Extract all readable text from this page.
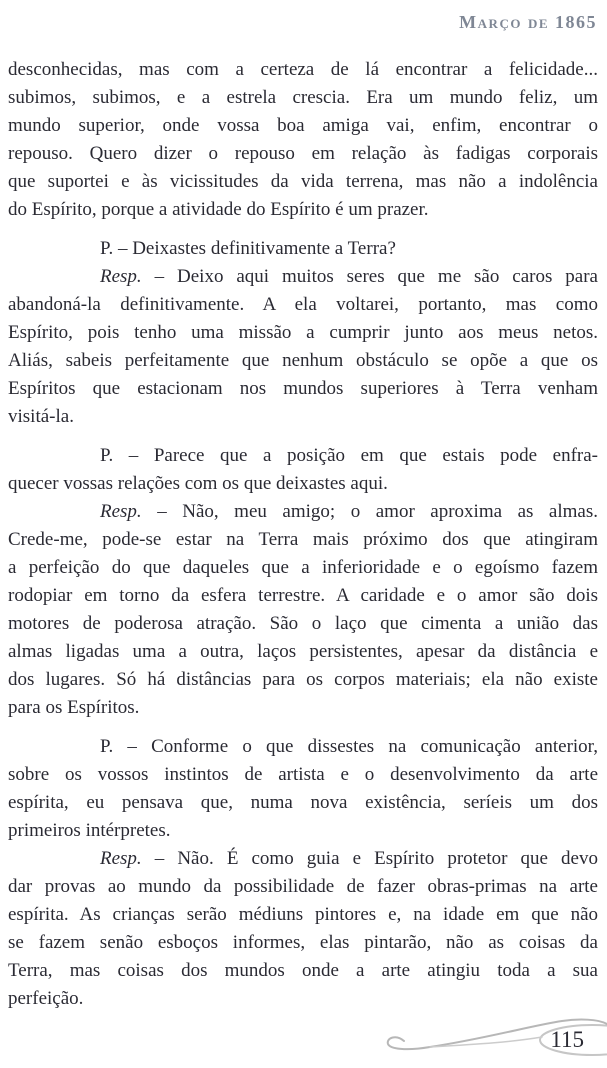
Março de 1865
desconhecidas, mas com a certeza de lá encontrar a felicidade...
subimos, subimos, e a estrela crescia. Era um mundo feliz, um
mundo superior, onde vossa boa amiga vai, enfim, encontrar o
repouso. Quero dizer o repouso em relação às fadigas corporais
que suportei e às vicissitudes da vida terrena, mas não a indolência
do Espírito, porque a atividade do Espírito é um prazer.
P. – Deixastes definitivamente a Terra?
Resp. – Deixo aqui muitos seres que me são caros para
abandoná-la definitivamente. A ela voltarei, portanto, mas como
Espírito, pois tenho uma missão a cumprir junto aos meus netos.
Aliás, sabeis perfeitamente que nenhum obstáculo se opõe a que os
Espíritos que estacionam nos mundos superiores à Terra venham
visitá-la.
P. – Parece que a posição em que estais pode enfra-
quecer vossas relações com os que deixastes aqui.
Resp. – Não, meu amigo; o amor aproxima as almas.
Crede-me, pode-se estar na Terra mais próximo dos que atingiram
a perfeição do que daqueles que a inferioridade e o egoísmo fazem
rodopiar em torno da esfera terrestre. A caridade e o amor são dois
motores de poderosa atração. São o laço que cimenta a união das
almas ligadas uma a outra, laços persistentes, apesar da distância e
dos lugares. Só há distâncias para os corpos materiais; ela não existe
para os Espíritos.
P. – Conforme o que dissestes na comunicação anterior,
sobre os vossos instintos de artista e o desenvolvimento da arte
espírita, eu pensava que, numa nova existência, seríeis um dos
primeiros intérpretes.
Resp. – Não. É como guia e Espírito protetor que devo
dar provas ao mundo da possibilidade de fazer obras-primas na arte
espírita. As crianças serão médiuns pintores e, na idade em que não
se fazem senão esboços informes, elas pintarão, não as coisas da
Terra, mas coisas dos mundos onde a arte atingiu toda a sua
perfeição.
115
